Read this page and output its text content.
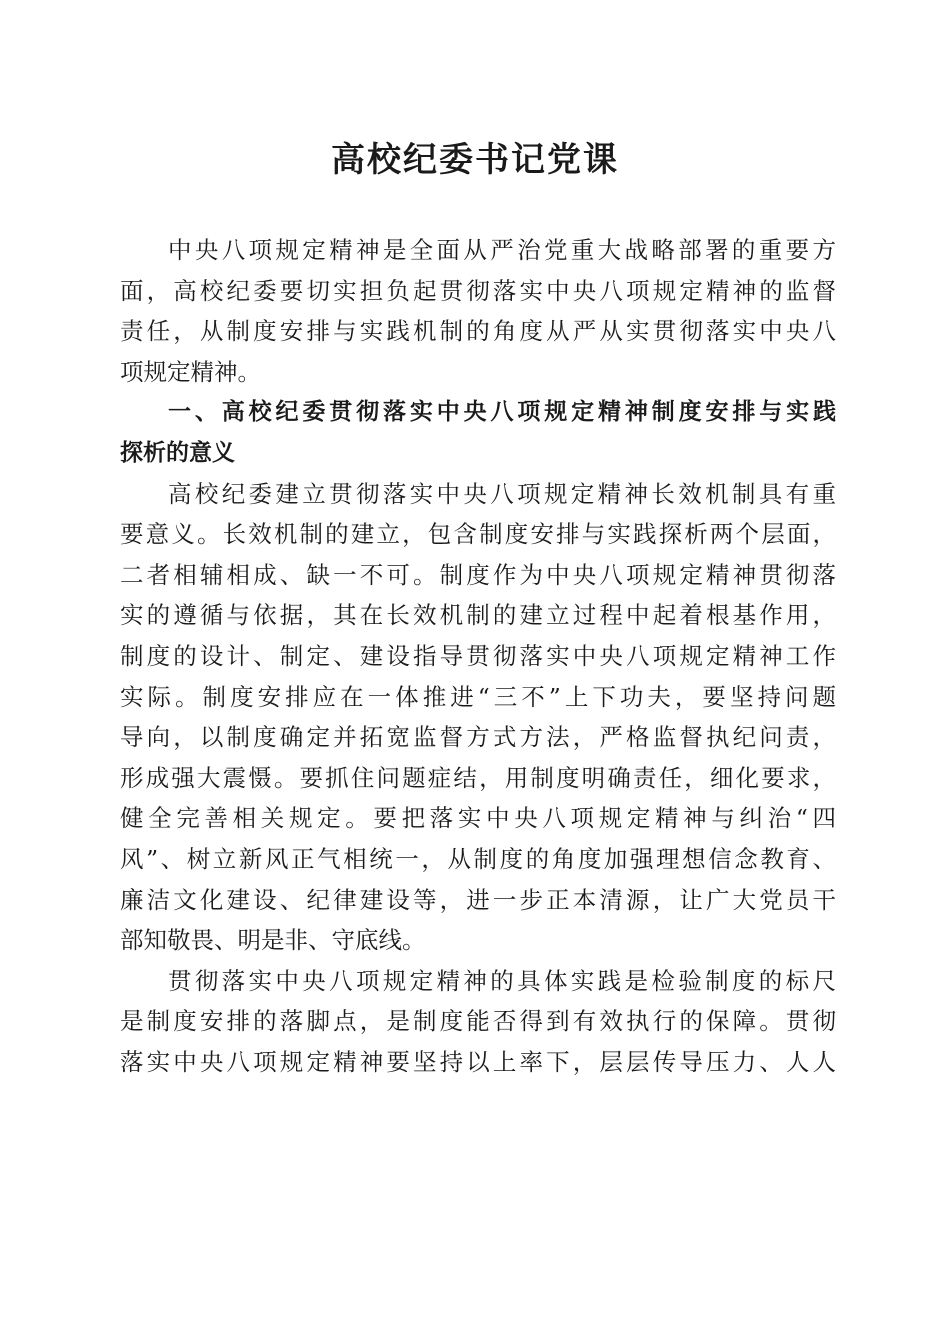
高校纪委书记党课
中央八项规定精神是全面从严治党重大战略部署的重要方
面，高校纪委要切实担负起贯彻落实中央八项规定精神的监督
责任，从制度安排与实践机制的角度从严从实贯彻落实中央八
项规定精神。
一、高校纪委贯彻落实中央八项规定精神制度安排与实践
探析的意义
高校纪委建立贯彻落实中央八项规定精神长效机制具有重
要意义。长效机制的建立，包含制度安排与实践探析两个层面，
二者相辅相成、缺一不可。制度作为中央八项规定精神贯彻落
实的遵循与依据，其在长效机制的建立过程中起着根基作用，
制度的设计、制定、建设指导贯彻落实中央八项规定精神工作
实际。制度安排应在一体推进“三不”上下功夫，要坚持问题
导向，以制度确定并拓宽监督方式方法，严格监督执纪问责，
形成强大震慑。要抓住问题症结，用制度明确责任，细化要求，
健全完善相关规定。要把落实中央八项规定精神与纠治“四
风”、树立新风正气相统一，从制度的角度加强理想信念教育、
廉洁文化建设、纪律建设等，进一步正本清源，让广大党员干
部知敬畏、明是非、守底线。
贯彻落实中央八项规定精神的具体实践是检验制度的标尺
是制度安排的落脚点，是制度能否得到有效执行的保障。贯彻
落实中央八项规定精神要坚持以上率下，层层传导压力、人人
